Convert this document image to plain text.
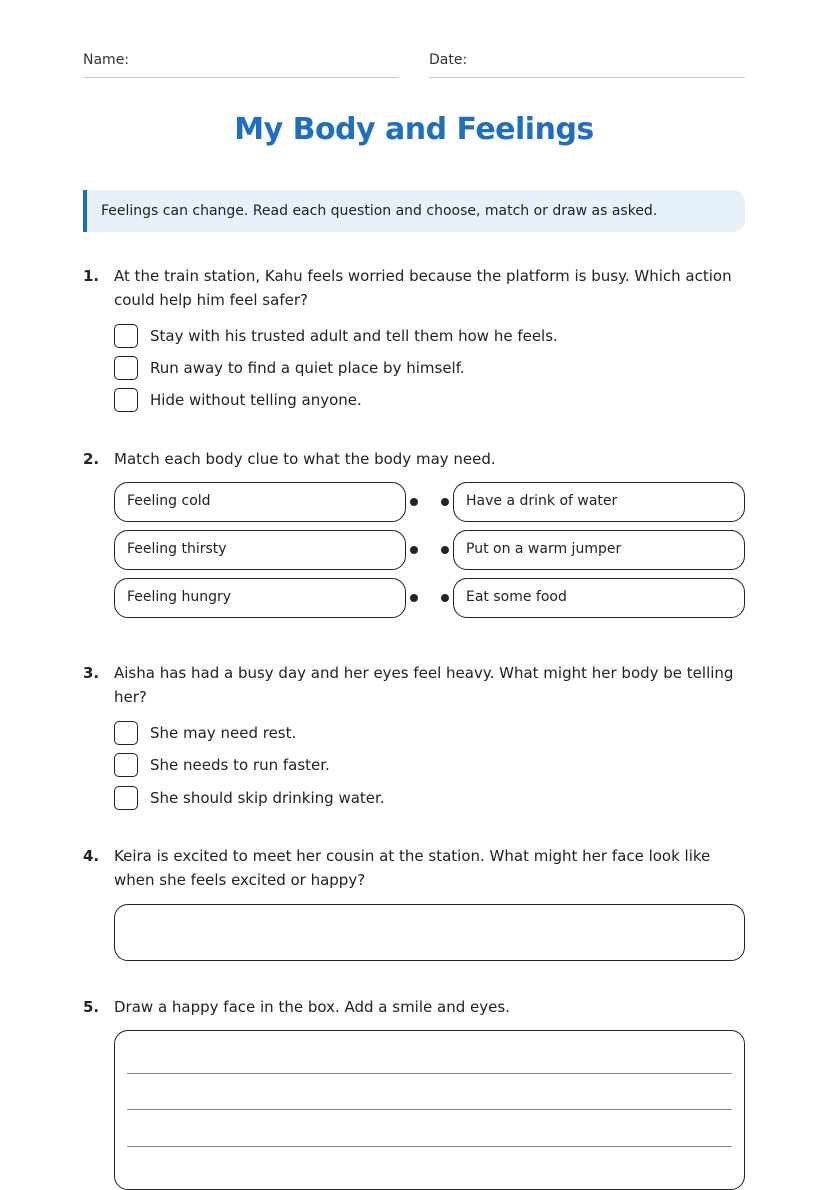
Name:	Date:
My Body and Feelings
Feelings can change. Read each question and choose, match or draw as asked.
1. At the train station, Kahu feels worried because the platform is busy. Which action could help him feel safer?
Stay with his trusted adult and tell them how he feels.
Run away to find a quiet place by himself.
Hide without telling anyone.
2. Match each body clue to what the body may need.
Feeling cold	Have a drink of water
Feeling thirsty	Put on a warm jumper
Feeling hungry	Eat some food
3. Aisha has had a busy day and her eyes feel heavy. What might her body be telling her?
She may need rest.
She needs to run faster.
She should skip drinking water.
4. Keira is excited to meet her cousin at the station. What might her face look like when she feels excited or happy?
5. Draw a happy face in the box. Add a smile and eyes.
